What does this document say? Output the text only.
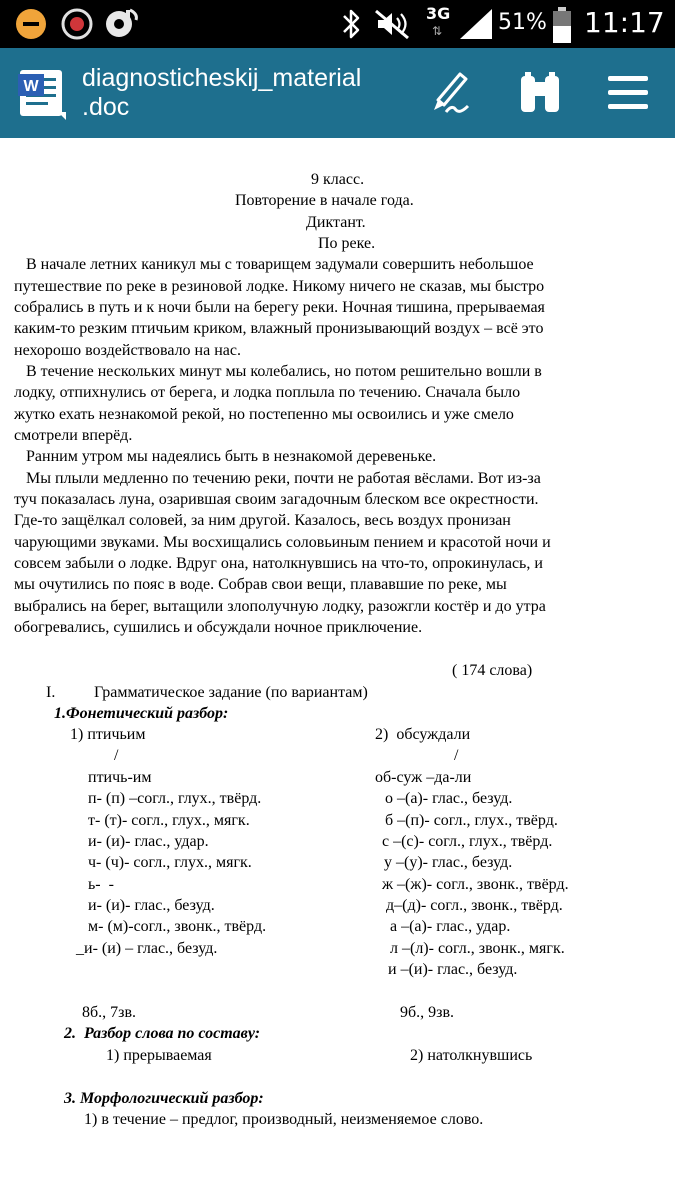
3G
⇅	51% 11:17
W diagnosticheskij_material
.doc
9 класс.
Повторение в начале года.
Диктант.
По реке.
В начале летних каникул мы с товарищем задумали совершить небольшое
путешествие по реке в резиновой лодке. Никому ничего не сказав, мы быстро
собрались в путь и к ночи были на берегу реки. Ночная тишина, прерываемая
каким-то резким птичьим криком, влажный пронизывающий воздух – всё это
нехорошо воздействовало на нас.
В течение нескольких минут мы колебались, но потом решительно вошли в
лодку, отпихнулись от берега, и лодка поплыла по течению. Сначала было
жутко ехать незнакомой рекой, но постепенно мы освоились и уже смело
смотрели вперёд.
Ранним утром мы надеялись быть в незнакомой деревеньке.
Мы плыли медленно по течению реки, почти не работая вёслами. Вот из-за
туч показалась луна, озарившая своим загадочным блеском все окрестности.
Где-то защёлкал соловей, за ним другой. Казалось, весь воздух пронизан
чарующими звуками. Мы восхищались соловьиным пением и красотой ночи и
совсем забыли о лодке. Вдруг она, натолкнувшись на что-то, опрокинулась, и
мы очутились по пояс в воде. Собрав свои вещи, плававшие по реке, мы
выбрались на берег, вытащили злополучную лодку, разожгли костёр и до утра
обогревались, сушились и обсуждали ночное приключение.
( 174 слова)
I. Грамматическое задание (по вариантам)
1.Фонетический разбор:
1) птичьим
/
птичь-им
п- (п) –согл., глух., твёрд.
т- (т)- согл., глух., мягк.
и- (и)- глас., удар.
ч- (ч)- согл., глух., мягк.
ь-  -
и- (и)- глас., безуд.
м- (м)-согл., звонк., твёрд.
_и- (и) – глас., безуд.
8б., 7зв.
2)  обсуждали
/
об-суж –да-ли
о –(а)- глас., безуд.
б –(п)- согл., глух., твёрд.
с –(с)- согл., глух., твёрд.
у –(у)- глас., безуд.
ж –(ж)- согл., звонк., твёрд.
д–(д)- согл., звонк., твёрд.
а –(а)- глас., удар.
л –(л)- согл., звонк., мягк.
и –(и)- глас., безуд.
9б., 9зв.
2.  Разбор слова по составу:
1) прерываемая	2) натолкнувшись
3. Морфологический разбор:
1) в течение – предлог, производный, неизменяемое слово.
